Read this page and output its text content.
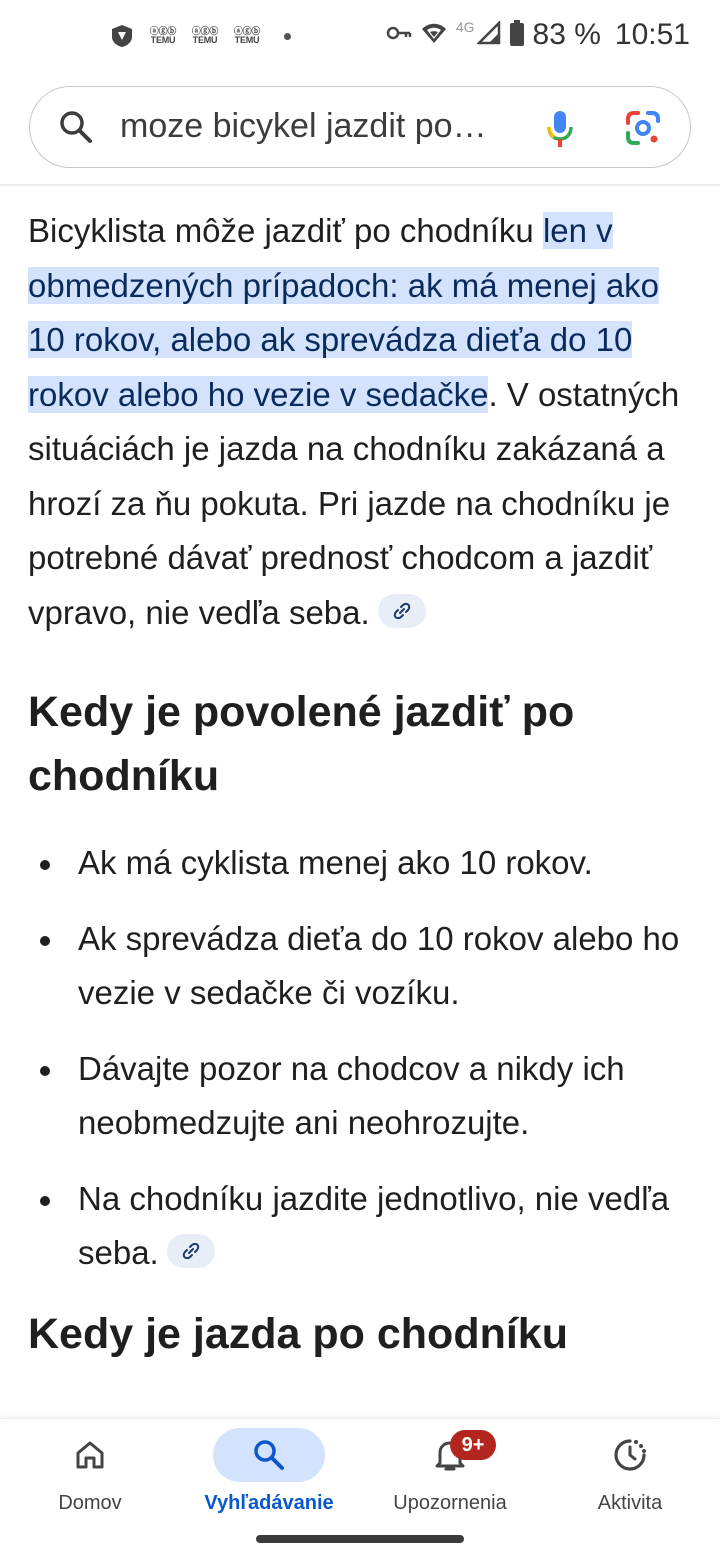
ⓐⓖⓑ
TEMU
ⓐⓖⓑ
TEMU
ⓐⓖⓑ
TEMU
4G 83 % 10:51
moze bicykel jazdit po…

Bicyklista môže jazdiť po chodníku len v obmedzených prípadoch: ak má menej ako 10 rokov, alebo ak sprevádza dieťa do 10 rokov alebo ho vezie v sedačke. V ostatných situáciách je jazda na chodníku zakázaná a hrozí za ňu pokuta. Pri jazde na chodníku je potrebné dávať prednosť chodcom a jazdiť vpravo, nie vedľa seba.

Kedy je povolené jazdiť po chodníku
Ak má cyklista menej ako 10 rokov.
Ak sprevádza dieťa do 10 rokov alebo ho vezie v sedačke či vozíku.
Dávajte pozor na chodcov a nikdy ich neobmedzujte ani neohrozujte.
Na chodníku jazdite jednotlivo, nie vedľa seba.
Kedy je jazda po chodníku
Domov	Vyhľadávanie
9+
Upozornenia	Aktivita
